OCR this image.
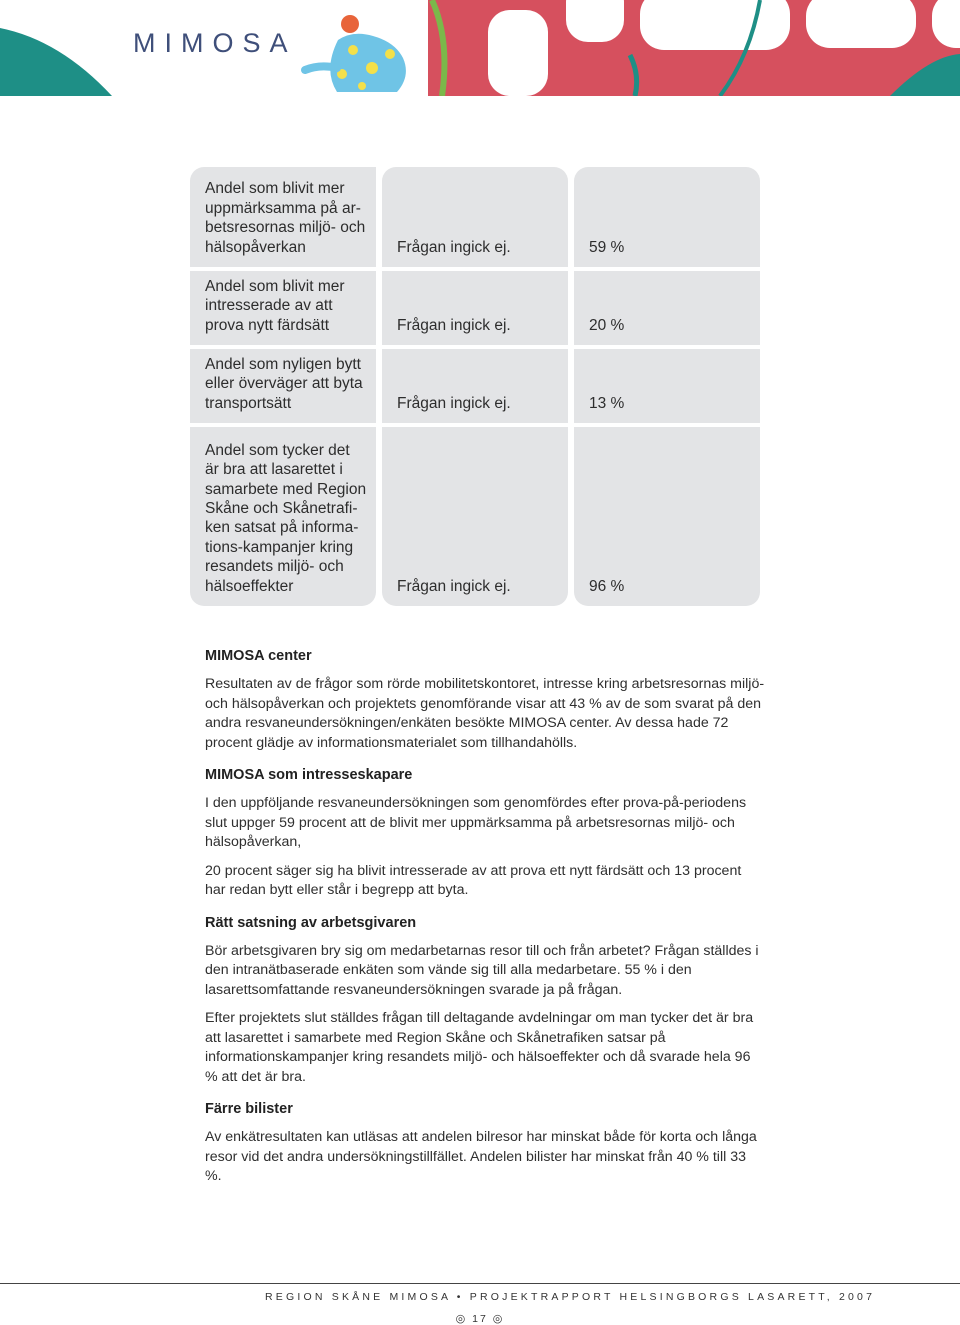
MIMOSA
Andel som blivit mer
uppmärksamma på ar-
betsresornas miljö- och
hälsopåverkan	Frågan ingick ej.	59 %
Andel som blivit mer
intresserade av att
prova nytt färdsätt	Frågan ingick ej.	20 %
Andel som nyligen bytt
eller överväger att byta
transportsätt	Frågan ingick ej.	13 %
Andel som tycker det
är bra att lasarettet i
samarbete med Region
Skåne och Skånetrafi-
ken satsat på informa-
tions-kampanjer kring
resandets miljö- och
hälsoeffekter	Frågan ingick ej.	96 %
MIMOSA center

Resultaten av de frågor som rörde mobilitetskontoret, intresse kring arbetsresornas miljö- och hälsopåverkan och projektets genomförande visar att 43 % av de som svarat på den andra resvaneundersökningen/enkäten besökte MIMOSA center. Av dessa hade 72 procent glädje av informationsmaterialet som tillhandahölls.

MIMOSA som intresseskapare

I den uppföljande resvaneundersökningen som genomfördes efter prova-på-periodens slut uppger 59 procent att de blivit mer uppmärksamma på arbetsresornas miljö- och hälsopåverkan,

20 procent säger sig ha blivit intresserade av att prova ett nytt färdsätt och 13 procent har redan bytt eller står i begrepp att byta.

Rätt satsning av arbetsgivaren

Bör arbetsgivaren bry sig om medarbetarnas resor till och från arbetet? Frågan ställdes i den intranätbaserade enkäten som vände sig till alla medarbetare. 55 % i den lasarettsomfattande resvaneundersökningen svarade ja på frågan.

Efter projektets slut ställdes frågan till deltagande avdelningar om man tycker det är bra att lasarettet i samarbete med Region Skåne och Skånetrafiken satsar på informationskampanjer kring resandets miljö- och hälsoeffekter och då svarade hela 96 % att det är bra.

Färre bilister

Av enkätresultaten kan utläsas att andelen bilresor har minskat både för korta och långa resor vid det andra undersökningstillfället. Andelen bilister har minskat från 40 % till 33 %.

REGION SKÅNE MIMOSA • PROJEKTRAPPORT HELSINGBORGS LASARETT, 2007
◎ 17 ◎
